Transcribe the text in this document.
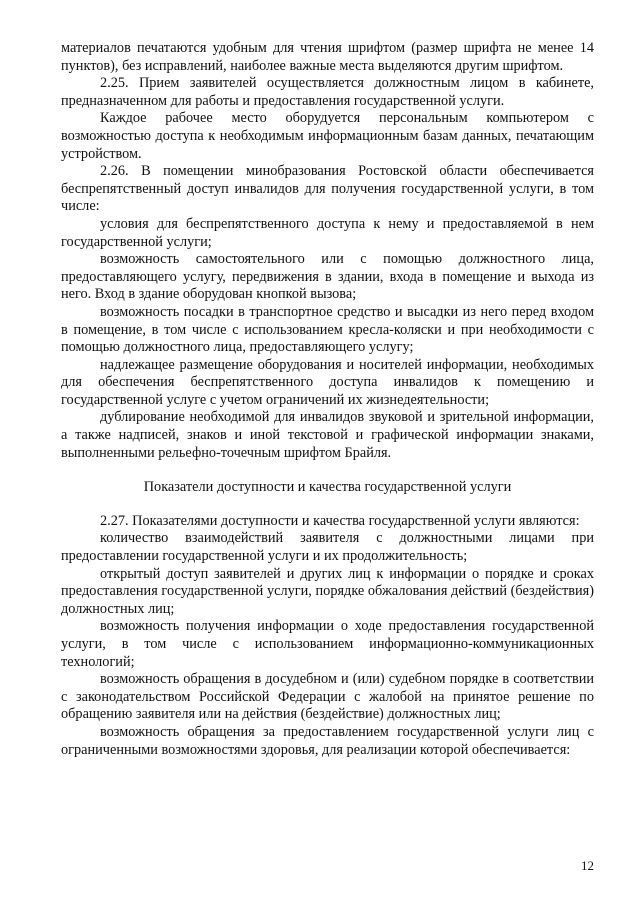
материалов печатаются удобным для чтения шрифтом (размер шрифта не менее 14 пунктов), без исправлений, наиболее важные места выделяются другим шрифтом.

2.25. Прием заявителей осуществляется должностным лицом в кабинете, предназначенном для работы и предоставления государственной услуги.

Каждое рабочее место оборудуется персональным компьютером с возможностью доступа к необходимым информационным базам данных, печатающим устройством.

2.26. В помещении минобразования Ростовской области обеспечивается беспрепятственный доступ инвалидов для получения государственной услуги, в том числе:

условия для беспрепятственного доступа к нему и предоставляемой в нем государственной услуги;

возможность самостоятельного или с помощью должностного лица, предоставляющего услугу, передвижения в здании, входа в помещение и выхода из него. Вход в здание оборудован кнопкой вызова;

возможность посадки в транспортное средство и высадки из него перед входом в помещение, в том числе с использованием кресла-коляски и при необходимости с помощью должностного лица, предоставляющего услугу;

надлежащее размещение оборудования и носителей информации, необходимых для обеспечения беспрепятственного доступа инвалидов к помещению и государственной услуге с учетом ограничений их жизнедеятельности;

дублирование необходимой для инвалидов звуковой и зрительной информации, а также надписей, знаков и иной текстовой и графической информации знаками, выполненными рельефно-точечным шрифтом Брайля.

Показатели доступности и качества государственной услуги

2.27. Показателями доступности и качества государственной услуги являются:

количество взаимодействий заявителя с должностными лицами при предоставлении государственной услуги и их продолжительность;

открытый доступ заявителей и других лиц к информации о порядке и сроках предоставления государственной услуги, порядке обжалования действий (бездействия) должностных лиц;

возможность получения информации о ходе предоставления государственной услуги, в том числе с использованием информационно-коммуникационных технологий;

возможность обращения в досудебном и (или) судебном порядке в соответствии с законодательством Российской Федерации с жалобой на принятое решение по обращению заявителя или на действия (бездействие) должностных лиц;

возможность обращения за предоставлением государственной услуги лиц с ограниченными возможностями здоровья, для реализации которой обеспечивается:

12
